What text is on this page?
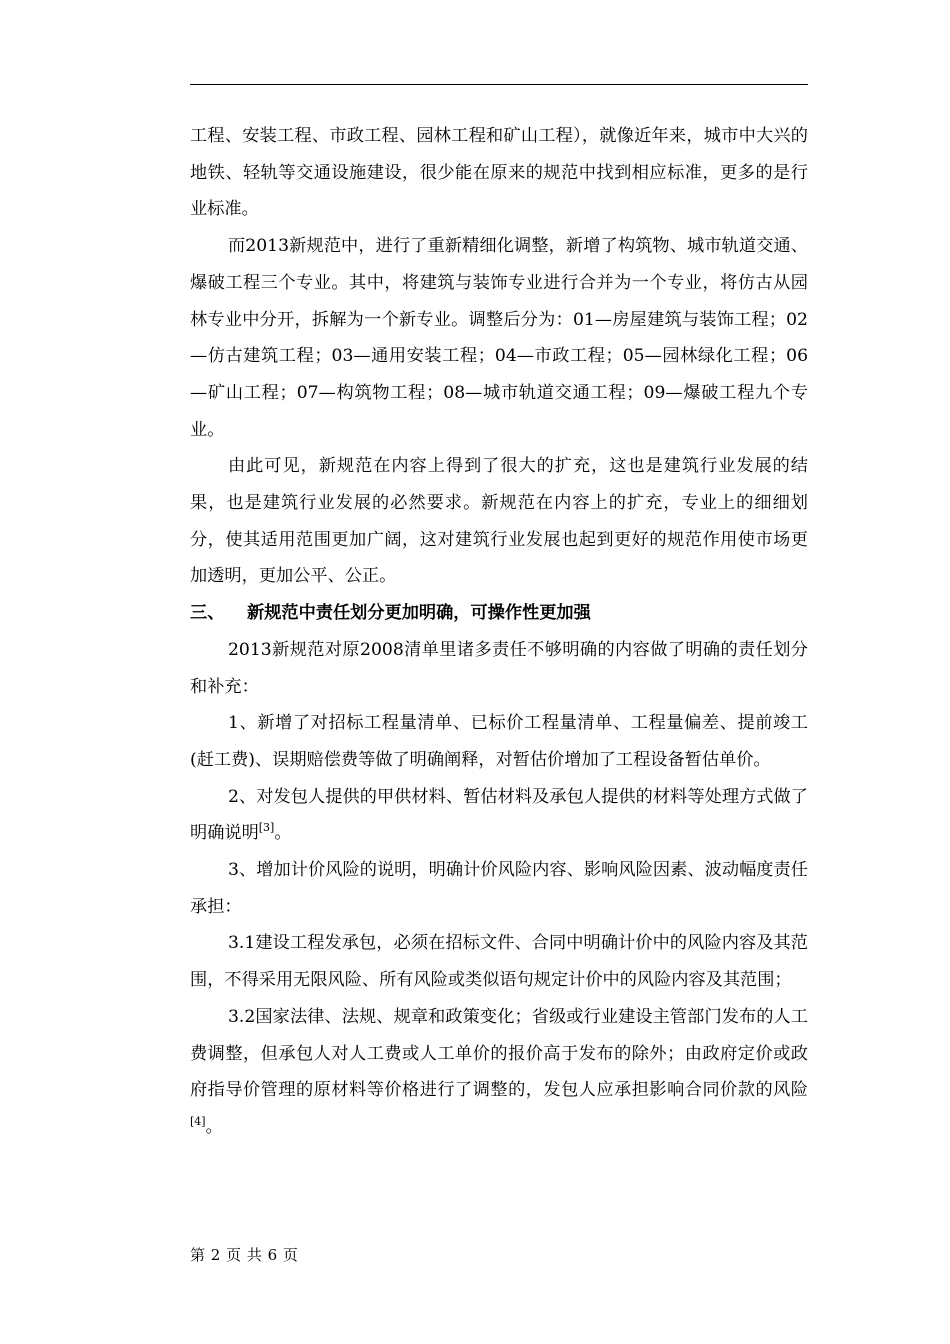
工程、安装工程、市政工程、园林工程和矿山工程），就像近年来，城市中大兴的地铁、轻轨等交通设施建设，很少能在原来的规范中找到相应标准，更多的是行业标准。

而2013新规范中，进行了重新精细化调整，新增了构筑物、城市轨道交通、爆破工程三个专业。其中，将建筑与装饰专业进行合并为一个专业，将仿古从园林专业中分开，拆解为一个新专业。调整后分为：01—房屋建筑与装饰工程；02—仿古建筑工程；03—通用安装工程；04—市政工程；05—园林绿化工程；06—矿山工程；07—构筑物工程；08—城市轨道交通工程；09—爆破工程九个专业。

由此可见，新规范在内容上得到了很大的扩充，这也是建筑行业发展的结果，也是建筑行业发展的必然要求。新规范在内容上的扩充，专业上的细细划分，使其适用范围更加广阔，这对建筑行业发展也起到更好的规范作用使市场更加透明，更加公平、公正。

三、 新规范中责任划分更加明确，可操作性更加强

2013新规范对原2008清单里诸多责任不够明确的内容做了明确的责任划分和补充：

1、新增了对招标工程量清单、已标价工程量清单、工程量偏差、提前竣工(赶工费)、误期赔偿费等做了明确阐释，对暂估价增加了工程设备暂估单价。

2、对发包人提供的甲供材料、暂估材料及承包人提供的材料等处理方式做了明确说明[3]。

3、增加计价风险的说明，明确计价风险内容、影响风险因素、波动幅度责任承担：

3.1建设工程发承包，必须在招标文件、合同中明确计价中的风险内容及其范围，不得采用无限风险、所有风险或类似语句规定计价中的风险内容及其范围；

3.2国家法律、法规、规章和政策变化；省级或行业建设主管部门发布的人工费调整，但承包人对人工费或人工单价的报价高于发布的除外；由政府定价或政府指导价管理的原材料等价格进行了调整的，发包人应承担影响合同价款的风险[4]。

第 2 页 共 6 页
